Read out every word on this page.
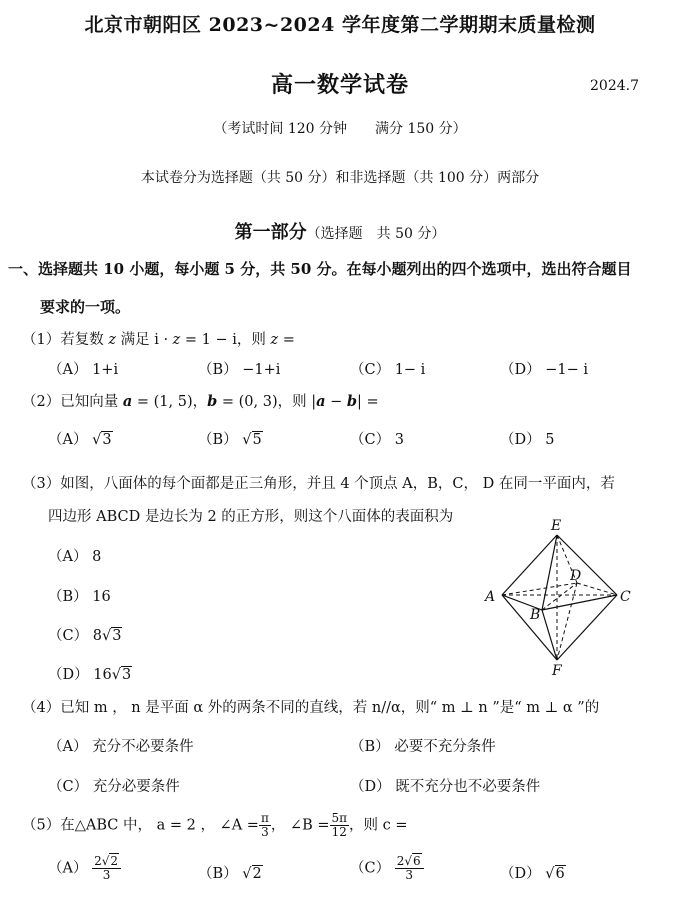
北京市朝阳区 2023~2024 学年度第二学期期末质量检测
高一数学试卷	2024.7
（考试时间 120 分钟　　满分 150 分）
本试卷分为选择题（共 50 分）和非选择题（共 100 分）两部分
第一部分（选择题　共 50 分）
一、选择题共 10 小题，每小题 5 分，共 50 分。在每小题列出的四个选项中，选出符合题目
要求的一项。
（1）若复数 z 满足 i · z = 1 − i，则 z =
（A） 1+i	（B） −1+i	（C） 1− i	（D） −1− i
（2）已知向量 a = (1, 5)，b = (0, 3)，则 |a − b| =
（A） √3	（B） √5	（C） 3	（D） 5
（3）如图，八面体的每个面都是正三角形，并且 4 个顶点 A，B，C， D 在同一平面内，若
四边形 ABCD 是边长为 2 的正方形，则这个八面体的表面积为
（A） 8
（B） 16
（C） 8√3
（D） 16√3
E
D
A	C
B
F
（4）已知 m ， n 是平面 α 外的两条不同的直线，若 n//α，则“ m ⊥ n ”是“ m ⊥ α ”的
（A） 充分不必要条件	（B） 必要不充分条件
（C） 充分必要条件	（D） 既不充分也不必要条件
（5）在△ABC 中， a = 2 ， ∠A = $\frac{\pi}{3}$ ， ∠B = $\frac{5\pi}{12}$ ，则 c =
$(A) \frac{2√2}{3}$	（B） √2	$(C) \frac{2√6}{3}$	（D） √6
